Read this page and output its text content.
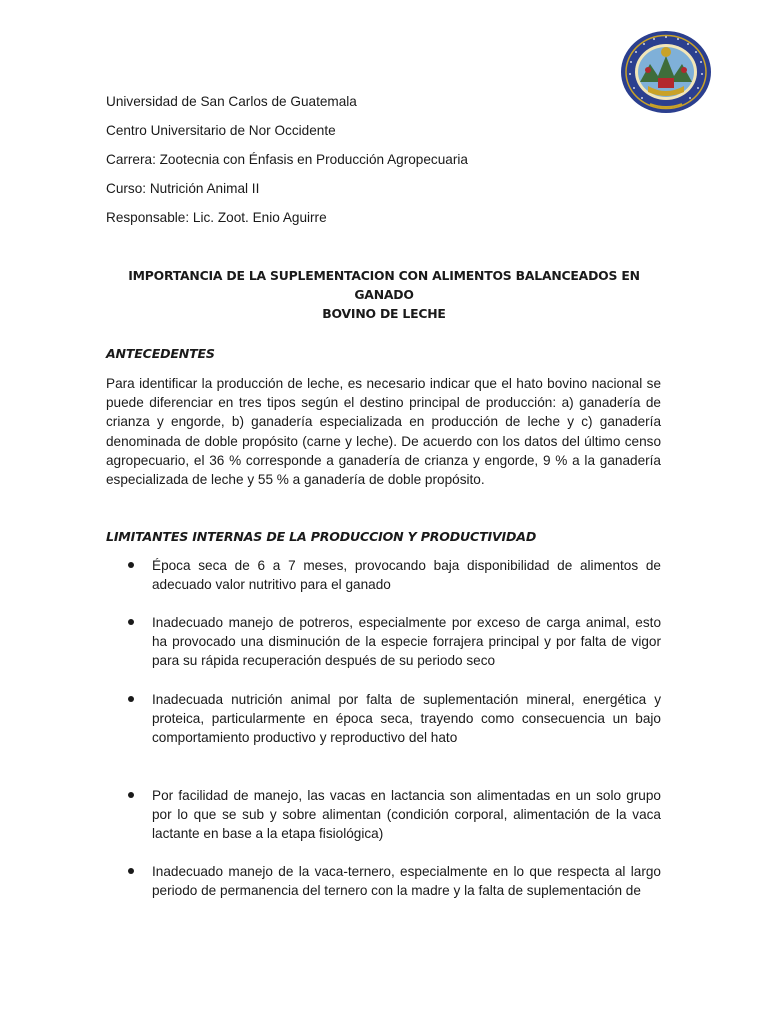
Universidad de San Carlos de Guatemala
Centro Universitario de Nor Occidente
Carrera: Zootecnia con Énfasis en Producción Agropecuaria
Curso: Nutrición Animal II
Responsable: Lic. Zoot. Enio Aguirre
IMPORTANCIA DE LA SUPLEMENTACION CON ALIMENTOS BALANCEADOS EN GANADO
BOVINO DE LECHE
ANTECEDENTES
Para identificar la producción de leche, es necesario indicar que el hato bovino nacional se puede diferenciar en tres tipos según el destino principal de producción: a) ganadería de crianza y engorde, b) ganadería especializada en producción de leche y c) ganadería denominada de doble propósito (carne y leche). De acuerdo con los datos del último censo agropecuario, el 36 % corresponde a ganadería de crianza y engorde, 9 % a la ganadería especializada de leche y 55 % a ganadería de doble propósito.
LIMITANTES INTERNAS DE LA PRODUCCION Y PRODUCTIVIDAD
Época seca de 6 a 7 meses, provocando baja disponibilidad de alimentos de adecuado valor nutritivo para el ganado
Inadecuado manejo de potreros, especialmente por exceso de carga animal, esto ha provocado una disminución de la especie forrajera principal y por falta de vigor para su rápida recuperación después de su periodo seco
Inadecuada nutrición animal por falta de suplementación mineral, energética y proteica, particularmente en época seca, trayendo como consecuencia un bajo comportamiento productivo y reproductivo del hato
Por facilidad de manejo, las vacas en lactancia son alimentadas en un solo grupo por lo que se sub y sobre alimentan (condición corporal, alimentación de la vaca lactante en base a la etapa fisiológica)
Inadecuado manejo de la vaca-ternero, especialmente en lo que respecta al largo periodo de permanencia del ternero con la madre y la falta de suplementación de
